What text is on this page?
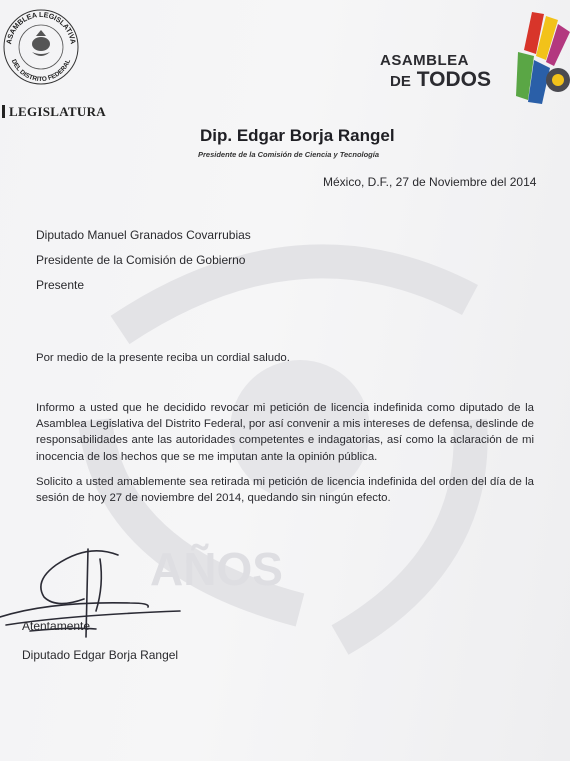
AÑOS
ASAMBLEA LEGISLATIVA
DEL DISTRITO FEDERAL
LEGISLATURA
ASAMBLEA
DE TODOS
Dip. Edgar Borja Rangel
Presidente de la Comisión de Ciencia y Tecnología
México, D.F., 27 de Noviembre del 2014
Diputado Manuel Granados Covarrubias
Presidente de la Comisión de Gobierno
Presente
Por medio de la presente reciba un cordial saludo.
Informo a usted que he decidido revocar mi petición de licencia indefinida como diputado de la Asamblea Legislativa del Distrito Federal, por así convenir a mis intereses de defensa, deslinde de responsabilidades ante las autoridades competentes e indagatorias, así como la aclaración de mi inocencia de los hechos que se me imputan ante la opinión pública.
Solicito a usted amablemente sea retirada mi petición de licencia indefinida del orden del día de la sesión de hoy 27 de noviembre del 2014, quedando sin ningún efecto.
Atentamente
Diputado Edgar Borja Rangel
